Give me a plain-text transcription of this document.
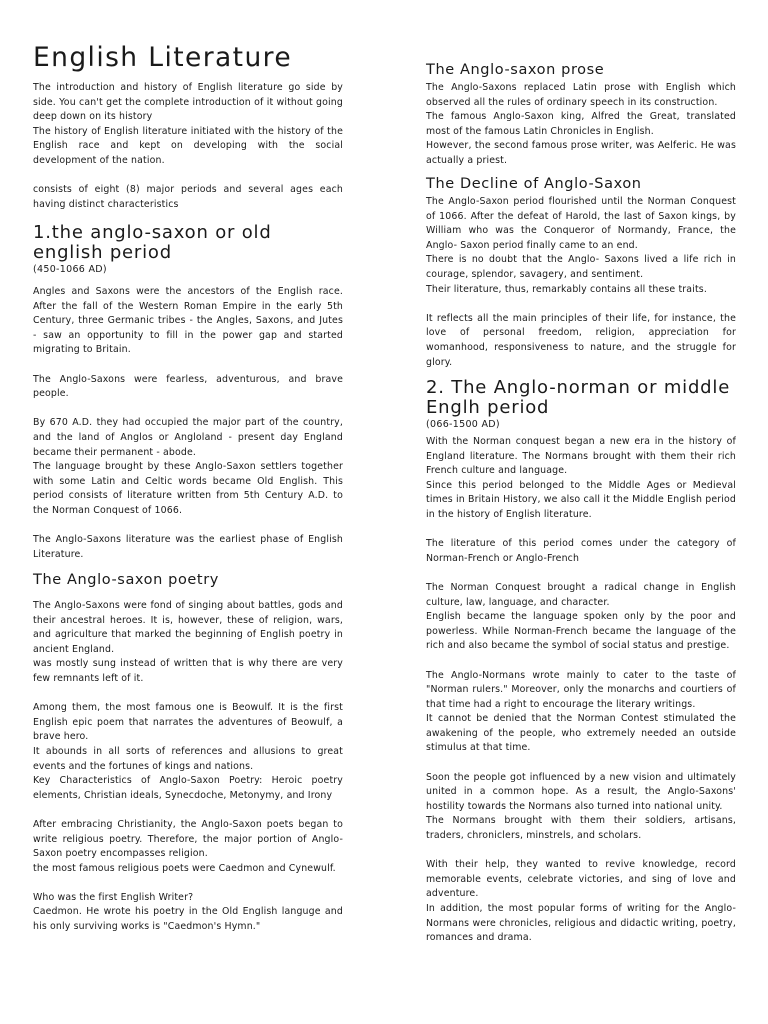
English Literature

The introduction and history of English literature go side by side. You can't get the complete introduction of it without going deep down on its history

The history of English literature initiated with the history of the English race and kept on developing with the social development of the nation.

consists of eight (8) major periods and several ages each having distinct characteristics

1.the anglo-saxon or old english period

(450-1066 AD)

Angles and Saxons were the ancestors of the English race. After the fall of the Western Roman Empire in the early 5th Century, three Germanic tribes - the Angles, Saxons, and Jutes - saw an opportunity to fill in the power gap and started migrating to Britain.

The Anglo-Saxons were fearless, adventurous, and brave people.

By 670 A.D. they had occupied the major part of the country, and the land of Anglos or Angloland - present day England became their permanent - abode.

The language brought by these Anglo-Saxon settlers together with some Latin and Celtic words became Old English. This period consists of literature written from 5th Century A.D. to the Norman Conquest of 1066.

The Anglo-Saxons literature was the earliest phase of English Literature.

The Anglo-saxon poetry

The Anglo-Saxons were fond of singing about battles, gods and their ancestral heroes. It is, however, these of religion, wars, and agriculture that marked the beginning of English poetry in ancient England.

was mostly sung instead of written that is why there are very few remnants left of it.

Among them, the most famous one is Beowulf. It is the first English epic poem that narrates the adventures of Beowulf, a brave hero.

It abounds in all sorts of references and allusions to great events and the fortunes of kings and nations.

Key Characteristics of Anglo-Saxon Poetry: Heroic poetry elements, Christian ideals, Synecdoche, Metonymy, and Irony

After embracing Christianity, the Anglo-Saxon poets began to write religious poetry. Therefore, the major portion of Anglo-Saxon poetry encompasses religion.

the most famous religious poets were Caedmon and Cynewulf.

Who was the first English Writer?

Caedmon. He wrote his poetry in the Old English languge and his only surviving works is "Caedmon's Hymn."

The Anglo-saxon prose

The Anglo-Saxons replaced Latin prose with English which observed all the rules of ordinary speech in its construction.

The famous Anglo-Saxon king, Alfred the Great, translated most of the famous Latin Chronicles in English.

However, the second famous prose writer, was Aelferic. He was actually a priest.

The Decline of Anglo-Saxon

The Anglo-Saxon period flourished until the Norman Conquest of 1066. After the defeat of Harold, the last of Saxon kings, by William who was the Conqueror of Normandy, France, the Anglo- Saxon period finally came to an end.

There is no doubt that the Anglo- Saxons lived a life rich in courage, splendor, savagery, and sentiment.

Their literature, thus, remarkably contains all these traits.

It reflects all the main principles of their life, for instance, the love of personal freedom, religion, appreciation for womanhood, responsiveness to nature, and the struggle for glory.

2. The Anglo-norman or middle Englh period

(066-1500 AD)

With the Norman conquest began a new era in the history of England literature. The Normans brought with them their rich French culture and language.

Since this period belonged to the Middle Ages or Medieval times in Britain History, we also call it the Middle English period in the history of English literature.

The literature of this period comes under the category of Norman-French or Anglo-French

The Norman Conquest brought a radical change in English culture, law, language, and character.

English became the language spoken only by the poor and powerless. While Norman-French became the language of the rich and also became the symbol of social status and prestige.

The Anglo-Normans wrote mainly to cater to the taste of "Norman rulers." Moreover, only the monarchs and courtiers of that time had a right to encourage the literary writings.

It cannot be denied that the Norman Contest stimulated the awakening of the people, who extremely needed an outside stimulus at that time.

Soon the people got influenced by a new vision and ultimately united in a common hope. As a result, the Anglo-Saxons' hostility towards the Normans also turned into national unity.

The Normans brought with them their soldiers, artisans, traders, chroniclers, minstrels, and scholars.

With their help, they wanted to revive knowledge, record memorable events, celebrate victories, and sing of love and adventure.

In addition, the most popular forms of writing for the Anglo-Normans were chronicles, religious and didactic writing, poetry, romances and drama.
